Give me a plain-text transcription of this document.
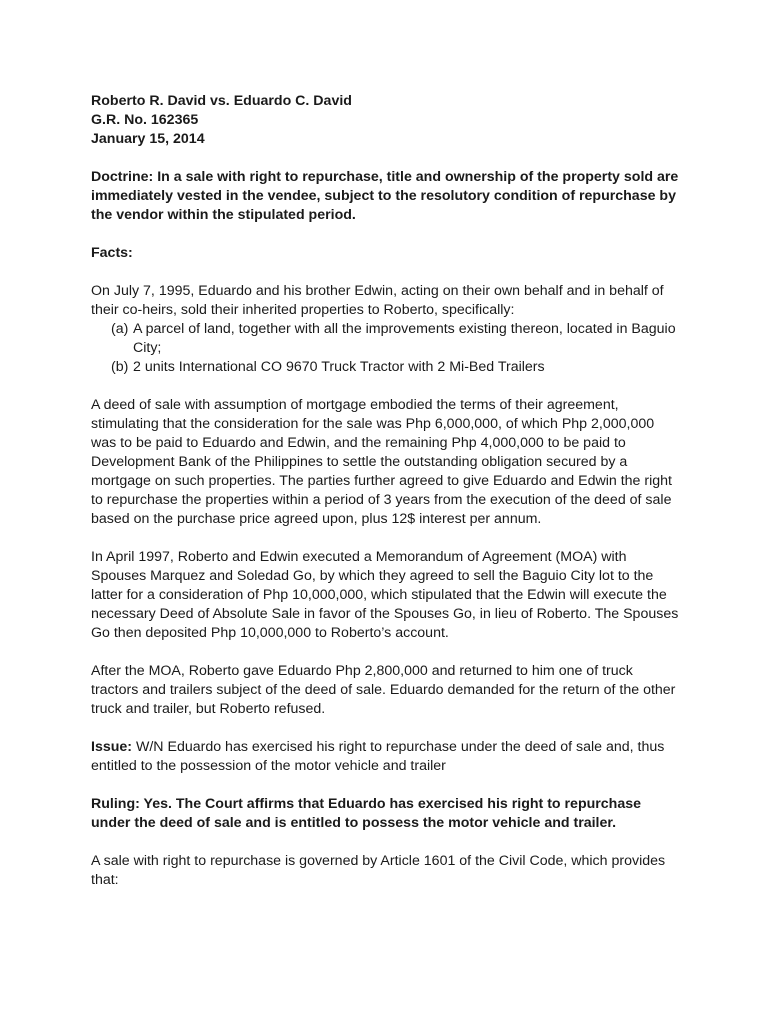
Roberto R. David vs. Eduardo C. David

G.R. No. 162365

January 15, 2014

Doctrine: In a sale with right to repurchase, title and ownership of the property sold are immediately vested in the vendee, subject to the resolutory condition of repurchase by the vendor within the stipulated period.

Facts:

On July 7, 1995, Eduardo and his brother Edwin, acting on their own behalf and in behalf of their co-heirs, sold their inherited properties to Roberto, specifically:

(a) A parcel of land, together with all the improvements existing thereon, located in Baguio City;
(b) 2 units International CO 9670 Truck Tractor with 2 Mi-Bed Trailers

A deed of sale with assumption of mortgage embodied the terms of their agreement, stimulating that the consideration for the sale was Php 6,000,000, of which Php 2,000,000 was to be paid to Eduardo and Edwin, and the remaining Php 4,000,000 to be paid to Development Bank of the Philippines to settle the outstanding obligation secured by a mortgage on such properties. The parties further agreed to give Eduardo and Edwin the right to repurchase the properties within a period of 3 years from the execution of the deed of sale based on the purchase price agreed upon, plus 12$ interest per annum.

In April 1997, Roberto and Edwin executed a Memorandum of Agreement (MOA) with Spouses Marquez and Soledad Go, by which they agreed to sell the Baguio City lot to the latter for a consideration of Php 10,000,000, which stipulated that the Edwin will execute the necessary Deed of Absolute Sale in favor of the Spouses Go, in lieu of Roberto. The Spouses Go then deposited Php 10,000,000 to Roberto’s account.

After the MOA, Roberto gave Eduardo Php 2,800,000 and returned to him one of truck tractors and trailers subject of the deed of sale. Eduardo demanded for the return of the other truck and trailer, but Roberto refused.

Issue: W/N Eduardo has exercised his right to repurchase under the deed of sale and, thus entitled to the possession of the motor vehicle and trailer

Ruling: Yes. The Court affirms that Eduardo has exercised his right to repurchase under the deed of sale and is entitled to possess the motor vehicle and trailer.

A sale with right to repurchase is governed by Article 1601 of the Civil Code, which provides that:
